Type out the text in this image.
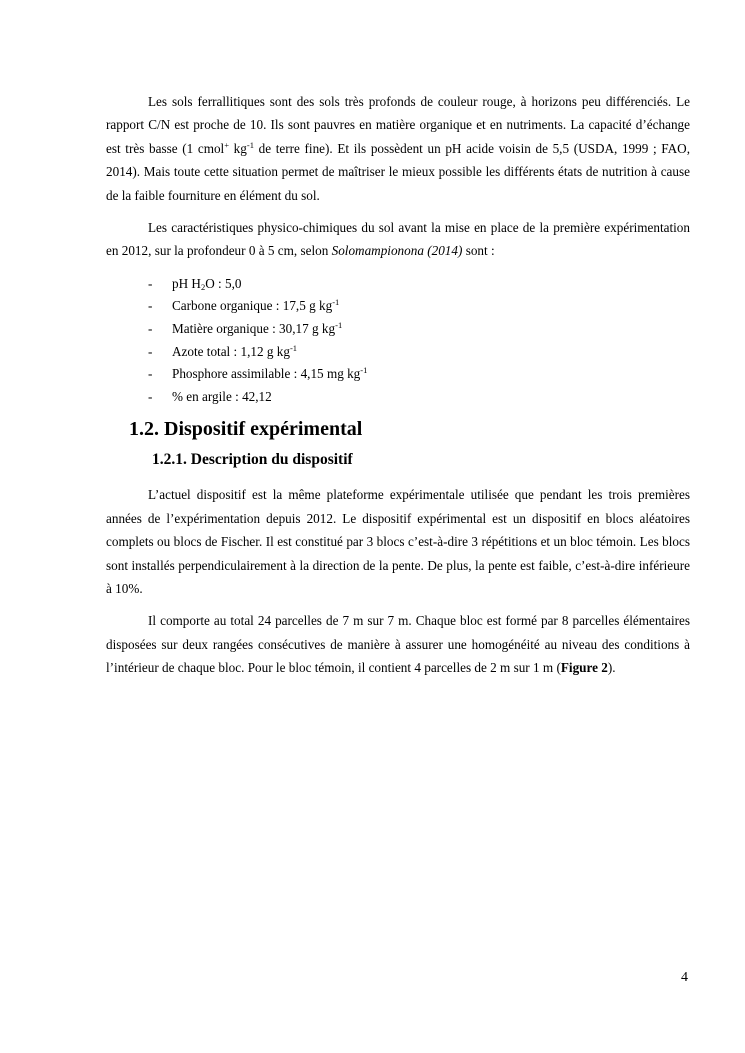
Les sols ferrallitiques sont des sols très profonds de couleur rouge, à horizons peu différenciés. Le rapport C/N est proche de 10. Ils sont pauvres en matière organique et en nutriments. La capacité d’échange est très basse (1 cmol+ $kg^{-1}$ de terre fine). Et ils possèdent un pH acide voisin de 5,5 (USDA, 1999 ; FAO, 2014). Mais toute cette situation permet de maîtriser le mieux possible les différents états de nutrition à cause de la faible fourniture en élément du sol.

Les caractéristiques physico-chimiques du sol avant la mise en place de la première expérimentation en 2012, sur la profondeur 0 à 5 cm, selon Solomampionona (2014) sont :

- pH $H_2O$ : 5,0
- Carbone organique : 17,5 g $kg^{-1}$
- Matière organique : 30,17 g $kg^{-1}$
- Azote total : 1,12 g $kg^{-1}$
- Phosphore assimilable : 4,15 mg $kg^{-1}$
- % en argile : 42,12
1.2. Dispositif expérimental
1.2.1. Description du dispositif

L’actuel dispositif est la même plateforme expérimentale utilisée que pendant les trois premières années de l’expérimentation depuis 2012. Le dispositif expérimental est un dispositif en blocs aléatoires complets ou blocs de Fischer. Il est constitué par 3 blocs c’est-à-dire 3 répétitions et un bloc témoin. Les blocs sont installés perpendiculairement à la direction de la pente. De plus, la pente est faible, c’est-à-dire inférieure à 10%.

Il comporte au total 24 parcelles de 7 m sur 7 m. Chaque bloc est formé par 8 parcelles élémentaires disposées sur deux rangées consécutives de manière à assurer une homogénéité au niveau des conditions à l’intérieur de chaque bloc. Pour le bloc témoin, il contient 4 parcelles de 2 m sur 1 m (Figure 2).

4
